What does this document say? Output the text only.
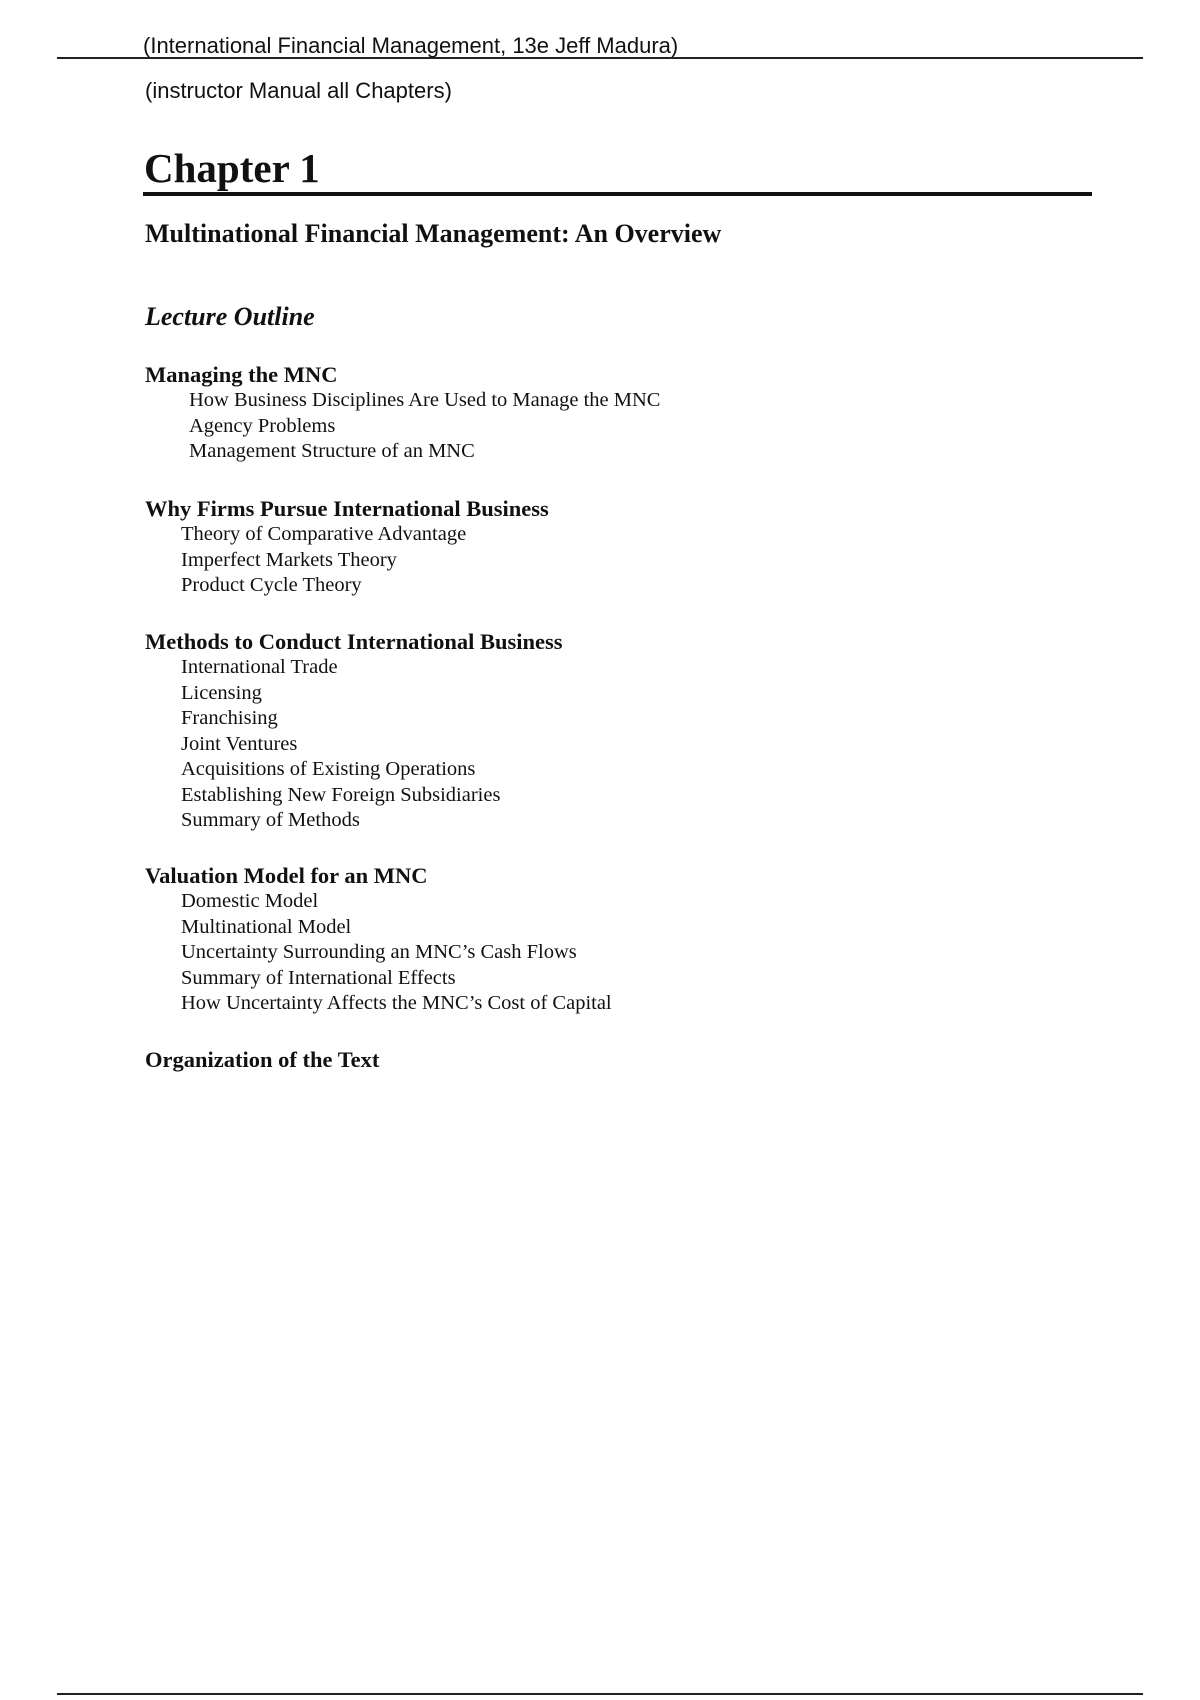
(International Financial Management, 13e Jeff Madura)
(instructor Manual all Chapters)
Chapter 1
Multinational Financial Management: An Overview
Lecture Outline
Managing the MNC
How Business Disciplines Are Used to Manage the MNC
Agency Problems
Management Structure of an MNC
Why Firms Pursue International Business
Theory of Comparative Advantage
Imperfect Markets Theory
Product Cycle Theory
Methods to Conduct International Business
International Trade
Licensing
Franchising
Joint Ventures
Acquisitions of Existing Operations
Establishing New Foreign Subsidiaries
Summary of Methods
Valuation Model for an MNC
Domestic Model
Multinational Model
Uncertainty Surrounding an MNC’s Cash Flows
Summary of International Effects
How Uncertainty Affects the MNC’s Cost of Capital
Organization of the Text
